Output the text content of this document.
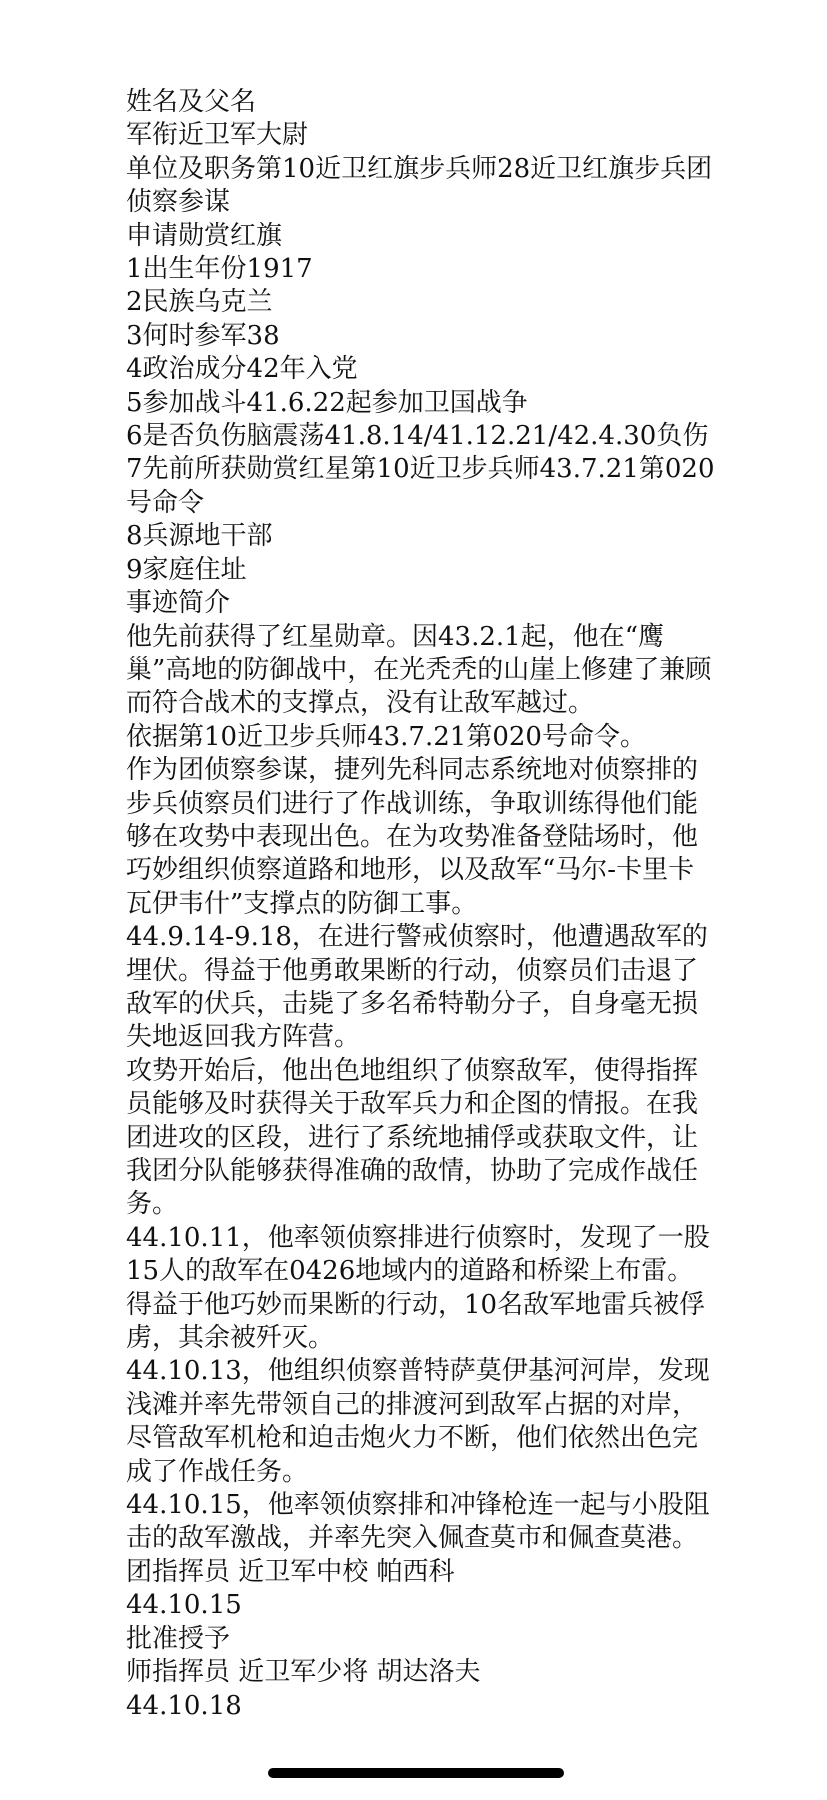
姓名及父名

军衔近卫军大尉

单位及职务第10近卫红旗步兵师28近卫红旗步兵团侦察参谋

申请勋赏红旗

1出生年份1917

2民族乌克兰

3何时参军38

4政治成分42年入党

5参加战斗41.6.22起参加卫国战争

6是否负伤脑震荡41.8.14/41.12.21/42.4.30负伤

7先前所获勋赏红星第10近卫步兵师43.7.21第020号命令

8兵源地干部

9家庭住址

事迹简介

他先前获得了红星勋章。因43.2.1起，他在“鹰巢”高地的防御战中，在光秃秃的山崖上修建了兼顾而符合战术的支撑点，没有让敌军越过。

依据第10近卫步兵师43.7.21第020号命令。

作为团侦察参谋，捷列先科同志系统地对侦察排的步兵侦察员们进行了作战训练，争取训练得他们能够在攻势中表现出色。在为攻势准备登陆场时，他巧妙组织侦察道路和地形，以及敌军“马尔-卡里卡瓦伊韦什”支撑点的防御工事。

44.9.14-9.18，在进行警戒侦察时，他遭遇敌军的埋伏。得益于他勇敢果断的行动，侦察员们击退了敌军的伏兵，击毙了多名希特勒分子，自身毫无损失地返回我方阵营。

攻势开始后，他出色地组织了侦察敌军，使得指挥员能够及时获得关于敌军兵力和企图的情报。在我团进攻的区段，进行了系统地捕俘或获取文件，让我团分队能够获得准确的敌情，协助了完成作战任务。

44.10.11，他率领侦察排进行侦察时，发现了一股15人的敌军在0426地域内的道路和桥梁上布雷。得益于他巧妙而果断的行动，10名敌军地雷兵被俘虏，其余被歼灭。

44.10.13，他组织侦察普特萨莫伊基河河岸，发现浅滩并率先带领自己的排渡河到敌军占据的对岸，尽管敌军机枪和迫击炮火力不断，他们依然出色完成了作战任务。

44.10.15，他率领侦察排和冲锋枪连一起与小股阻击的敌军激战，并率先突入佩查莫市和佩查莫港。

团指挥员 近卫军中校 帕西科

44.10.15

批准授予

师指挥员 近卫军少将 胡达洛夫

44.10.18
